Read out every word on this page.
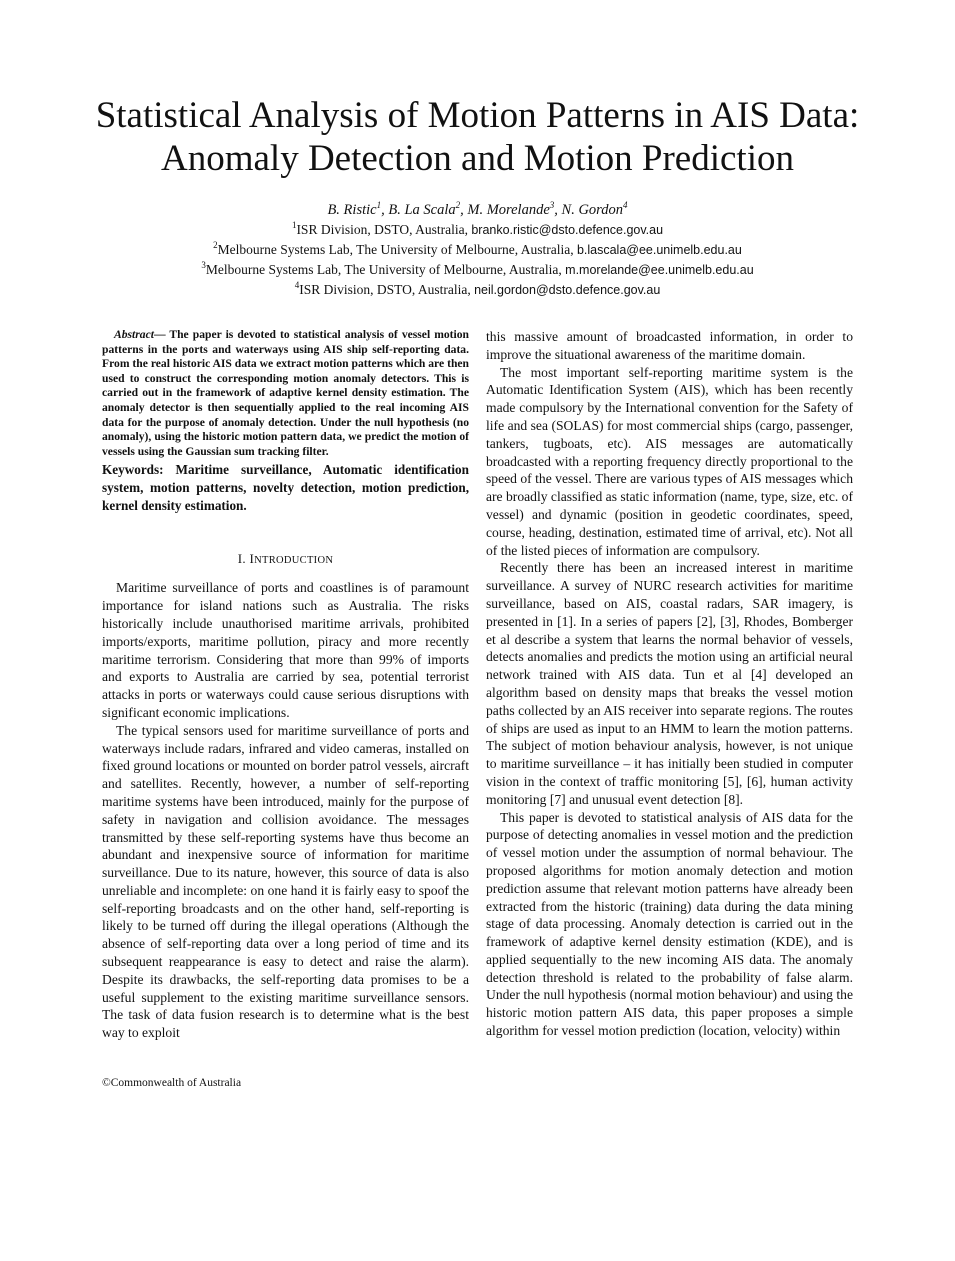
Statistical Analysis of Motion Patterns in AIS Data:
Anomaly Detection and Motion Prediction
B. Ristic$^1$, B. La Scala$^2$, M. Morelande$^3$, N. Gordon$^4$
$^1$ISR Division, DSTO, Australia, branko.ristic@dsto.defence.gov.au
$^2$Melbourne Systems Lab, The University of Melbourne, Australia, b.lascala@ee.unimelb.edu.au
$^3$Melbourne Systems Lab, The University of Melbourne, Australia, m.morelande@ee.unimelb.edu.au
$^4$ISR Division, DSTO, Australia, neil.gordon@dsto.defence.gov.au

Abstract— The paper is devoted to statistical analysis of vessel motion patterns in the ports and waterways using AIS ship self-reporting data. From the real historic AIS data we extract motion patterns which are then used to construct the corresponding motion anomaly detectors. This is carried out in the framework of adaptive kernel density estimation. The anomaly detector is then sequentially applied to the real incoming AIS data for the purpose of anomaly detection. Under the null hypothesis (no anomaly), using the historic motion pattern data, we predict the motion of vessels using the Gaussian sum tracking filter.

Keywords: Maritime surveillance, Automatic identification system, motion patterns, novelty detection, motion prediction, kernel density estimation.

I. INTRODUCTION

Maritime surveillance of ports and coastlines is of paramount importance for island nations such as Australia. The risks historically include unauthorised maritime arrivals, prohibited imports/exports, maritime pollution, piracy and more recently maritime terrorism. Considering that more than 99% of imports and exports to Australia are carried by sea, potential terrorist attacks in ports or waterways could cause serious disruptions with significant economic implications.

The typical sensors used for maritime surveillance of ports and waterways include radars, infrared and video cameras, installed on fixed ground locations or mounted on border patrol vessels, aircraft and satellites. Recently, however, a number of self-reporting maritime systems have been introduced, mainly for the purpose of safety in navigation and collision avoidance. The messages transmitted by these self-reporting systems have thus become an abundant and inexpensive source of information for maritime surveillance. Due to its nature, however, this source of data is also unreliable and incomplete: on one hand it is fairly easy to spoof the self-reporting broadcasts and on the other hand, self-reporting is likely to be turned off during the illegal operations (Although the absence of self-reporting data over a long period of time and its subsequent reappearance is easy to detect and raise the alarm). Despite its drawbacks, the self-reporting data promises to be a useful supplement to the existing maritime surveillance sensors. The task of data fusion research is to determine what is the best way to exploit

this massive amount of broadcasted information, in order to improve the situational awareness of the maritime domain.

The most important self-reporting maritime system is the Automatic Identification System (AIS), which has been recently made compulsory by the International convention for the Safety of life and sea (SOLAS) for most commercial ships (cargo, passenger, tankers, tugboats, etc). AIS messages are automatically broadcasted with a reporting frequency directly proportional to the speed of the vessel. There are various types of AIS messages which are broadly classified as static information (name, type, size, etc. of vessel) and dynamic (position in geodetic coordinates, speed, course, heading, destination, estimated time of arrival, etc). Not all of the listed pieces of information are compulsory.

Recently there has been an increased interest in maritime surveillance. A survey of NURC research activities for maritime surveillance, based on AIS, coastal radars, SAR imagery, is presented in [1]. In a series of papers [2], [3], Rhodes, Bomberger et al describe a system that learns the normal behavior of vessels, detects anomalies and predicts the motion using an artificial neural network trained with AIS data. Tun et al [4] developed an algorithm based on density maps that breaks the vessel motion paths collected by an AIS receiver into separate regions. The routes of ships are used as input to an HMM to learn the motion patterns. The subject of motion behaviour analysis, however, is not unique to maritime surveillance – it has initially been studied in computer vision in the context of traffic monitoring [5], [6], human activity monitoring [7] and unusual event detection [8].

This paper is devoted to statistical analysis of AIS data for the purpose of detecting anomalies in vessel motion and the prediction of vessel motion under the assumption of normal behaviour. The proposed algorithms for motion anomaly detection and motion prediction assume that relevant motion patterns have already been extracted from the historic (training) data during the data mining stage of data processing. Anomaly detection is carried out in the framework of adaptive kernel density estimation (KDE), and is applied sequentially to the new incoming AIS data. The anomaly detection threshold is related to the probability of false alarm. Under the null hypothesis (normal motion behaviour) and using the historic motion pattern AIS data, this paper proposes a simple algorithm for vessel motion prediction (location, velocity) within

©Commonwealth of Australia
